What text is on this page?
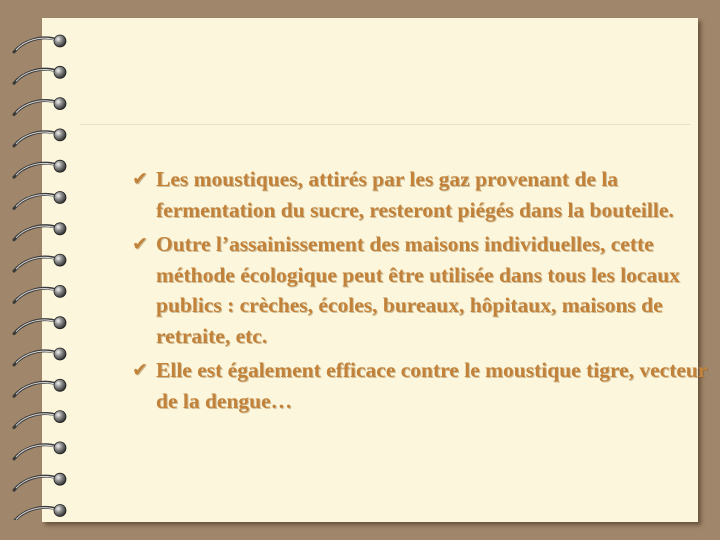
✔ Les moustiques, attirés par les gaz provenant de la fermentation du sucre, resteront piégés dans la bouteille.
✔ Outre l’assainissement des maisons individuelles, cette méthode écologique peut être utilisée dans tous les locaux publics : crèches, écoles, bureaux, hôpitaux, maisons de retraite, etc.
✔ Elle est également efficace contre le moustique tigre, vecteur de la dengue…
